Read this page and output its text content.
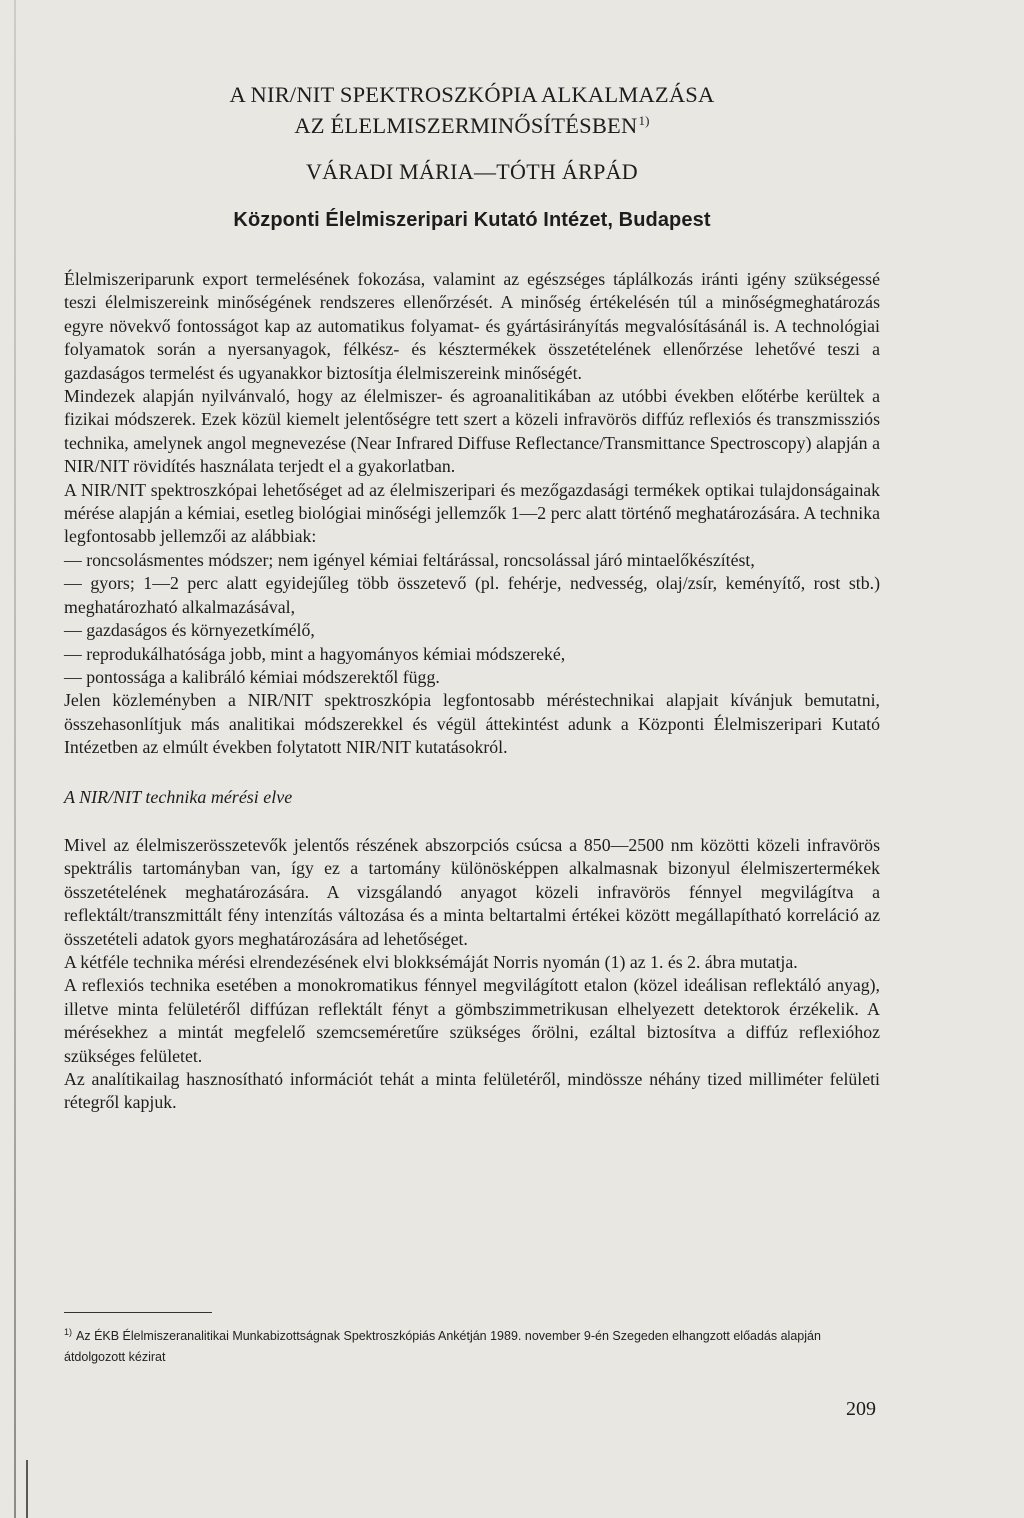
A NIR/NIT SPEKTROSZKÓPIA ALKALMAZÁSA
AZ ÉLELMISZERMINŐSÍTÉSBEN$^{1)}$
VÁRADI MÁRIA—TÓTH ÁRPÁD
Központi Élelmiszeripari Kutató Intézet, Budapest

Élelmiszeriparunk export termelésének fokozása, valamint az egészséges táplálkozás iránti igény szükségessé teszi élelmiszereink minőségének rendszeres ellenőrzését. A minőség értékelésén túl a minőségmeghatározás egyre növekvő fontosságot kap az automatikus folyamat- és gyártásirányítás megvalósításánál is. A technológiai folyamatok során a nyersanyagok, félkész- és késztermékek összetételének ellenőrzése lehetővé teszi a gazdaságos termelést és ugyanakkor biztosítja élelmiszereink minőségét.

Mindezek alapján nyilvánvaló, hogy az élelmiszer- és agroanalitikában az utóbbi években előtérbe kerültek a fizikai módszerek. Ezek közül kiemelt jelentőségre tett szert a közeli infravörös diffúz reflexiós és transzmissziós technika, amelynek angol megnevezése (Near Infrared Diffuse Reflectance/Transmittance Spectroscopy) alapján a NIR/NIT rövidítés használata terjedt el a gyakorlatban.

A NIR/NIT spektroszkópai lehetőséget ad az élelmiszeripari és mezőgazdasági termékek optikai tulajdonságainak mérése alapján a kémiai, esetleg biológiai minőségi jellemzők 1—2 perc alatt történő meghatározására. A technika legfontosabb jellemzői az alábbiak:

— roncsolásmentes módszer; nem igényel kémiai feltárással, roncsolással járó mintaelőkészítést,

— gyors; 1—2 perc alatt egyidejűleg több összetevő (pl. fehérje, nedvesség, olaj/zsír, keményítő, rost stb.) meghatározható alkalmazásával,

— gazdaságos és környezetkímélő,

— reprodukálhatósága jobb, mint a hagyományos kémiai módszereké,

— pontossága a kalibráló kémiai módszerektől függ.

Jelen közleményben a NIR/NIT spektroszkópia legfontosabb méréstechnikai alapjait kívánjuk bemutatni, összehasonlítjuk más analitikai módszerekkel és végül áttekintést adunk a Központi Élelmiszeripari Kutató Intézetben az elmúlt években folytatott NIR/NIT kutatásokról.

A NIR/NIT technika mérési elve

Mivel az élelmiszerösszetevők jelentős részének abszorpciós csúcsa a 850—2500 nm közötti közeli infravörös spektrális tartományban van, így ez a tartomány különösképpen alkalmasnak bizonyul élelmiszertermékek összetételének meghatározására. A vizsgálandó anyagot közeli infravörös fénnyel megvilágítva a reflektált/transzmittált fény intenzítás változása és a minta beltartalmi értékei között megállapítható korreláció az összetételi adatok gyors meghatározására ad lehetőséget.

A kétféle technika mérési elrendezésének elvi blokksémáját Norris nyomán (1) az 1. és 2. ábra mutatja.

A reflexiós technika esetében a monokromatikus fénnyel megvilágított etalon (közel ideálisan reflektáló anyag), illetve minta felületéről diffúzan reflektált fényt a gömbszimmetrikusan elhelyezett detektorok érzékelik. A mérésekhez a mintát megfelelő szemcseméretűre szükséges őrölni, ezáltal biztosítva a diffúz reflexióhoz szükséges felületet.

Az analítikailag hasznosítható információt tehát a minta felületéről, mindössze néhány tized milliméter felületi rétegről kapjuk.

$^{1)}$ Az ÉKB Élelmiszeranalitikai Munkabizottságnak Spektroszkópiás Ankétján 1989. november 9-én Szegeden elhangzott előadás alapján átdolgozott kézirat
209
